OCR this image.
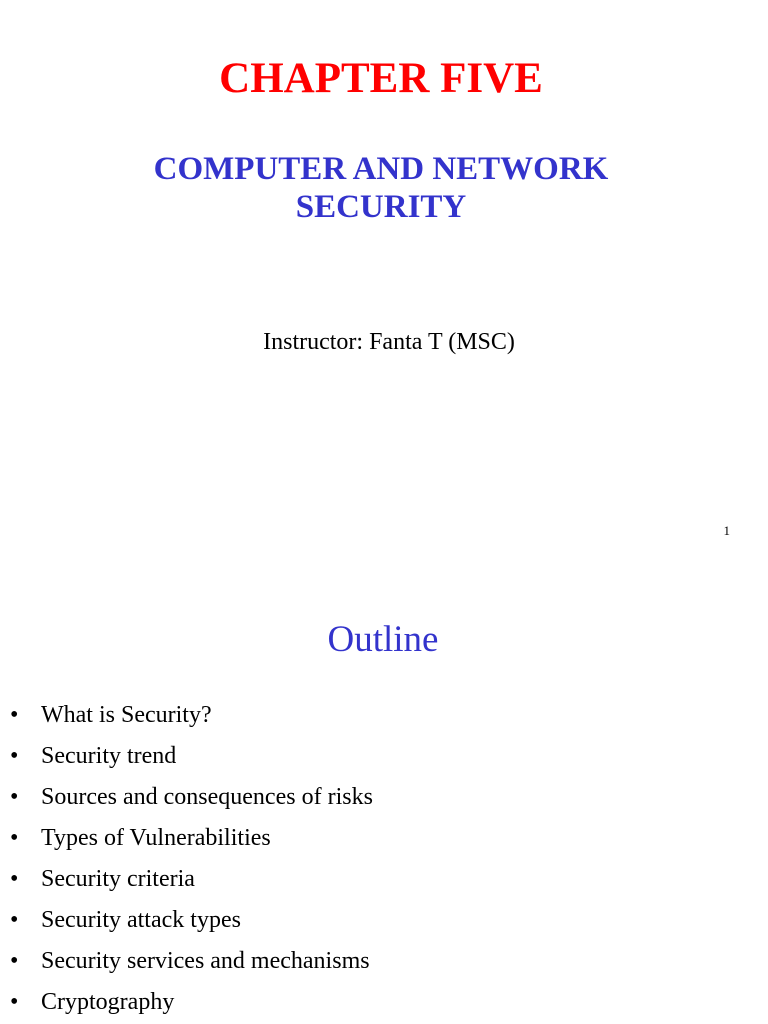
CHAPTER FIVE
COMPUTER AND NETWORK
SECURITY
Instructor: Fanta T (MSC)
1
Outline
• What is Security?
• Security trend
• Sources and consequences of risks
• Types of Vulnerabilities
• Security criteria
• Security attack types
• Security services and mechanisms
• Cryptography
